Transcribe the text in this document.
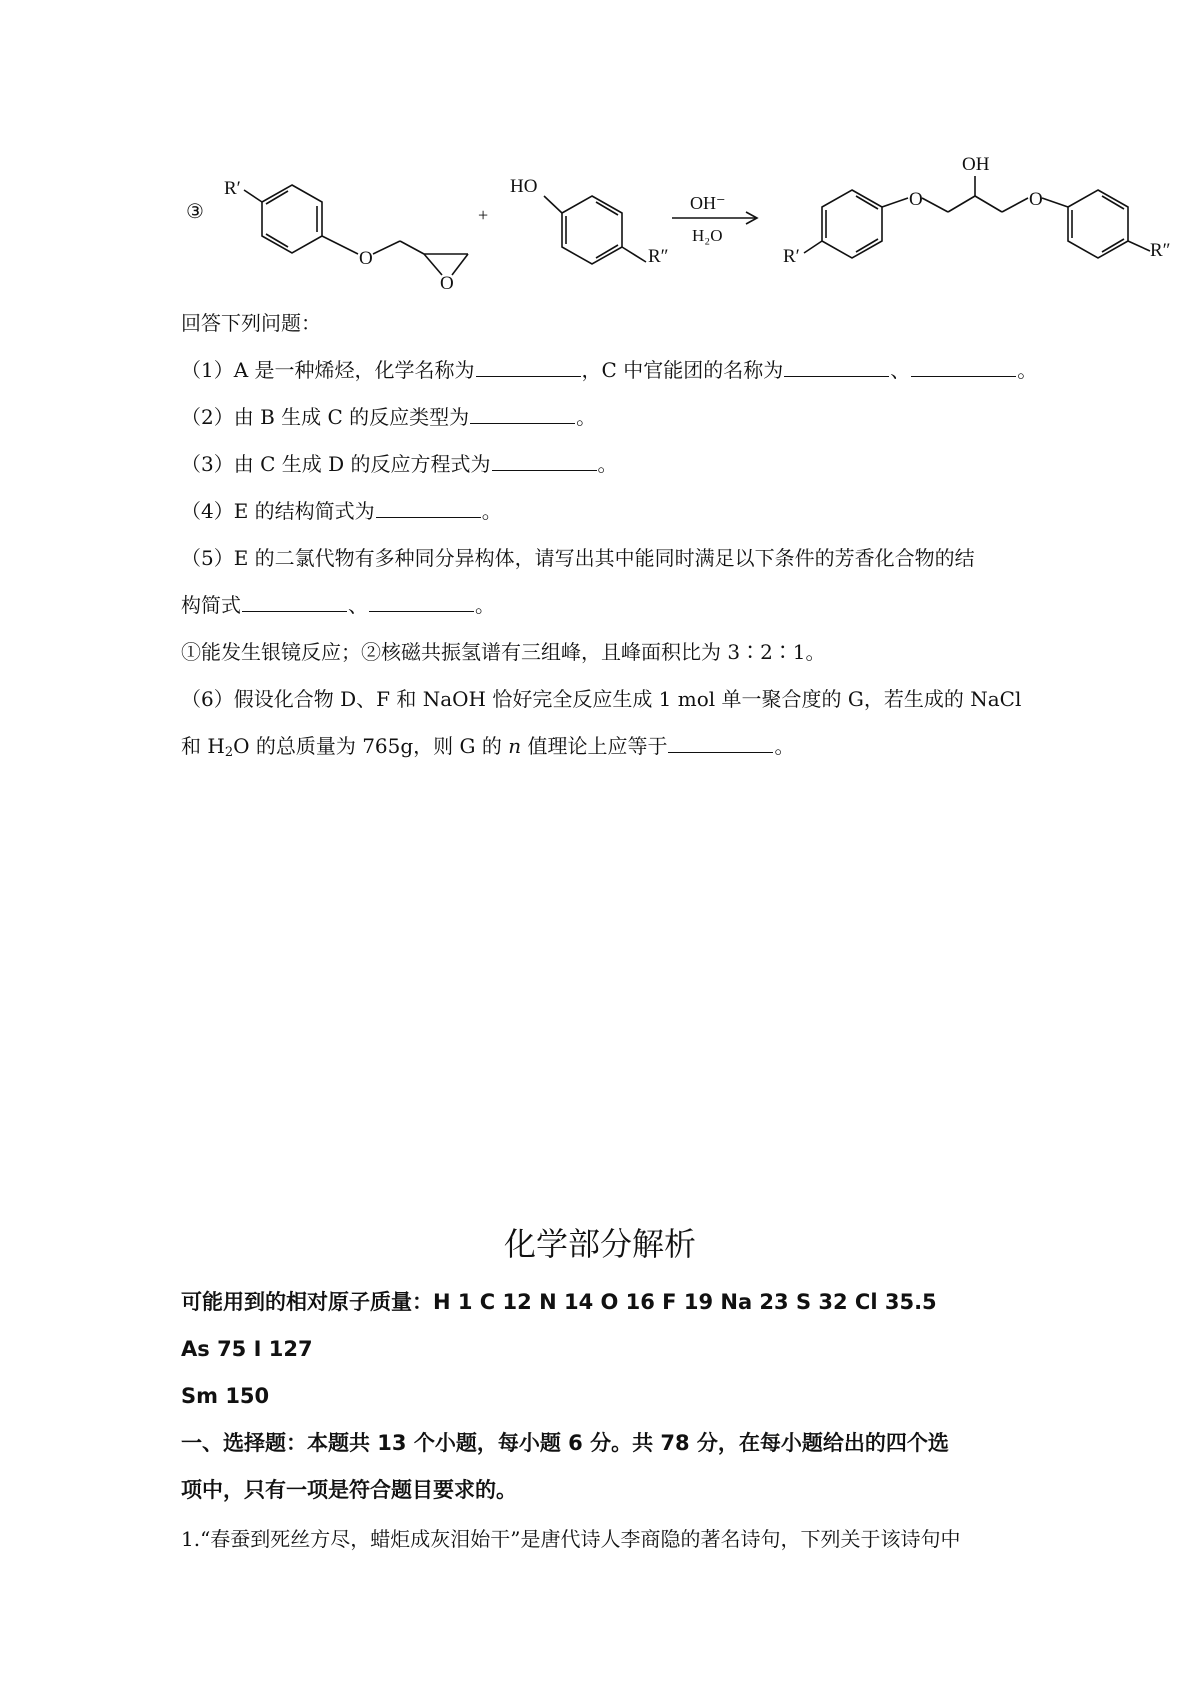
③
R′
O
O
+
HO
R″
OH⁻
H₂O
R′
O
OH
O
R″
回答下列问题：
（1）A 是一种烯烃，化学名称为	，C 中官能团的名称为	、	。
（2）由 B 生成 C 的反应类型为	。
（3）由 C 生成 D 的反应方程式为	。
（4）E 的结构简式为	。
（5）E 的二氯代物有多种同分异构体，请写出其中能同时满足以下条件的芳香化合物的结
构简式	、	。
①能发生银镜反应；②核磁共振氢谱有三组峰，且峰面积比为 3∶2∶1。
（6）假设化合物 D、F 和 NaOH 恰好完全反应生成 1 mol 单一聚合度的 G，若生成的 NaCl
和 $H_2O$ 的总质量为 765g，则 G 的 n 值理论上应等于	。
化学部分解析
可能用到的相对原子质量：H 1 C 12 N 14 O 16 F 19 Na 23 S 32 Cl 35.5
As 75 I 127
Sm 150
一、选择题：本题共 13 个小题，每小题 6 分。共 78 分，在每小题给出的四个选
项中，只有一项是符合题目要求的。
1.“春蚕到死丝方尽，蜡炬成灰泪始干”是唐代诗人李商隐的著名诗句，下列关于该诗句中
